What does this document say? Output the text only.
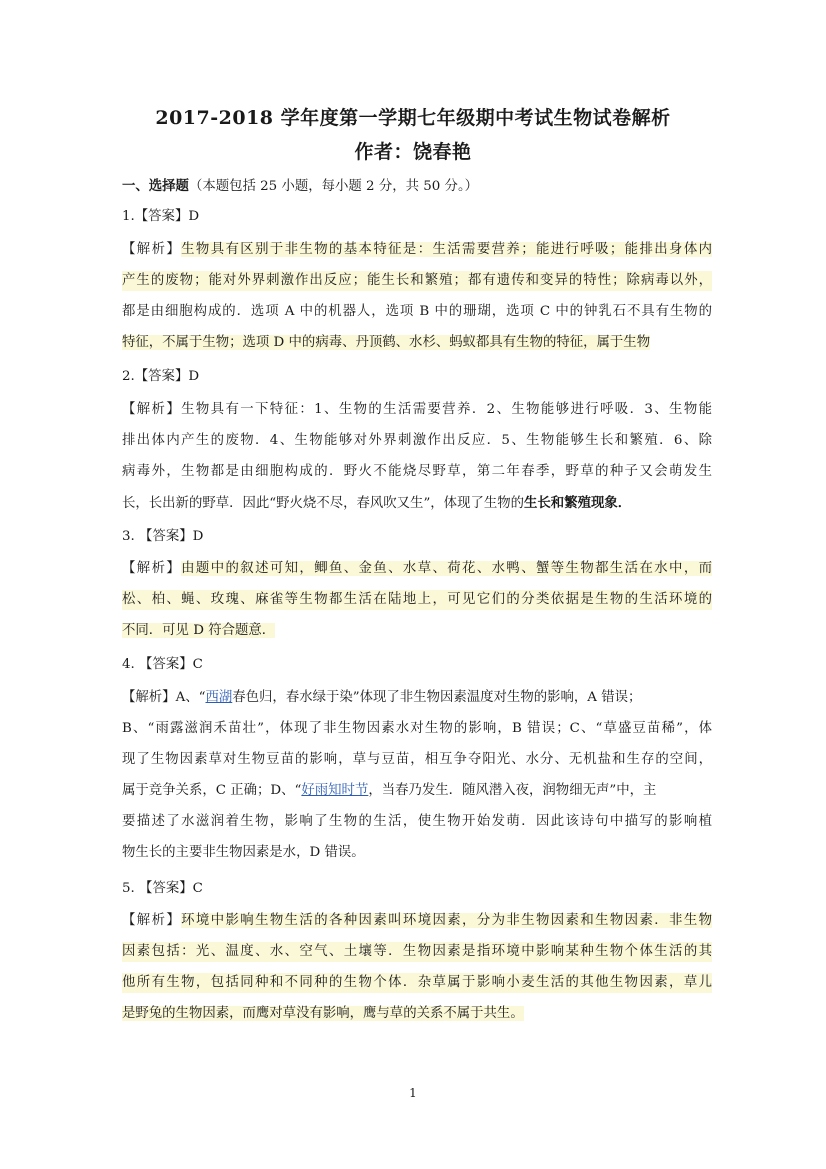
2017-2018 学年度第一学期七年级期中考试生物试卷解析
作者：饶春艳
一、选择题（本题包括 25 小题，每小题 2 分，共 50 分。）
1.【答案】D
【解析】生物具有区别于非生物的基本特征是：生活需要营养；能进行呼吸；能排出身体内
产生的废物；能对外界刺激作出反应；能生长和繁殖；都有遗传和变异的特性；除病毒以外，
都是由细胞构成的．选项 A 中的机器人，选项 B 中的珊瑚，选项 C 中的钟乳石不具有生物的
特征，不属于生物；选项 D 中的病毒、丹顶鹤、水杉、蚂蚁都具有生物的特征，属于生物
2.【答案】D
【解析】生物具有一下特征：1、生物的生活需要营养．2、生物能够进行呼吸．3、生物能
排出体内产生的废物．4、生物能够对外界刺激作出反应．5、生物能够生长和繁殖．6、除
病毒外，生物都是由细胞构成的．野火不能烧尽野草，第二年春季，野草的种子又会萌发生
长，长出新的野草．因此“野火烧不尽，春风吹又生”，体现了生物的生长和繁殖现象．
3. 【答案】D
【解析】由题中的叙述可知，鲫鱼、金鱼、水草、荷花、水鸭、蟹等生物都生活在水中，而
松、柏、蝇、玫瑰、麻雀等生物都生活在陆地上，可见它们的分类依据是生物的生活环境的
不同．可见 D 符合题意．
4. 【答案】C
【解析】A、“西湖春色归，春水绿于染”体现了非生物因素温度对生物的影响，A 错误；
B、“雨露滋润禾苗壮”，体现了非生物因素水对生物的影响，B 错误；C、“草盛豆苗稀”，体
现了生物因素草对生物豆苗的影响，草与豆苗，相互争夺阳光、水分、无机盐和生存的空间，
属于竞争关系，C 正确；D、“好雨知时节，当春乃发生．随风潜入夜，润物细无声”中，主
要描述了水滋润着生物，影响了生物的生活，使生物开始发萌．因此该诗句中描写的影响植
物生长的主要非生物因素是水，D 错误。
5. 【答案】C
【解析】环境中影响生物生活的各种因素叫环境因素，分为非生物因素和生物因素．非生物
因素包括：光、温度、水、空气、土壤等．生物因素是指环境中影响某种生物个体生活的其
他所有生物，包括同种和不同种的生物个体．杂草属于影响小麦生活的其他生物因素，草儿
是野兔的生物因素，而鹰对草没有影响，鹰与草的关系不属于共生。
1
